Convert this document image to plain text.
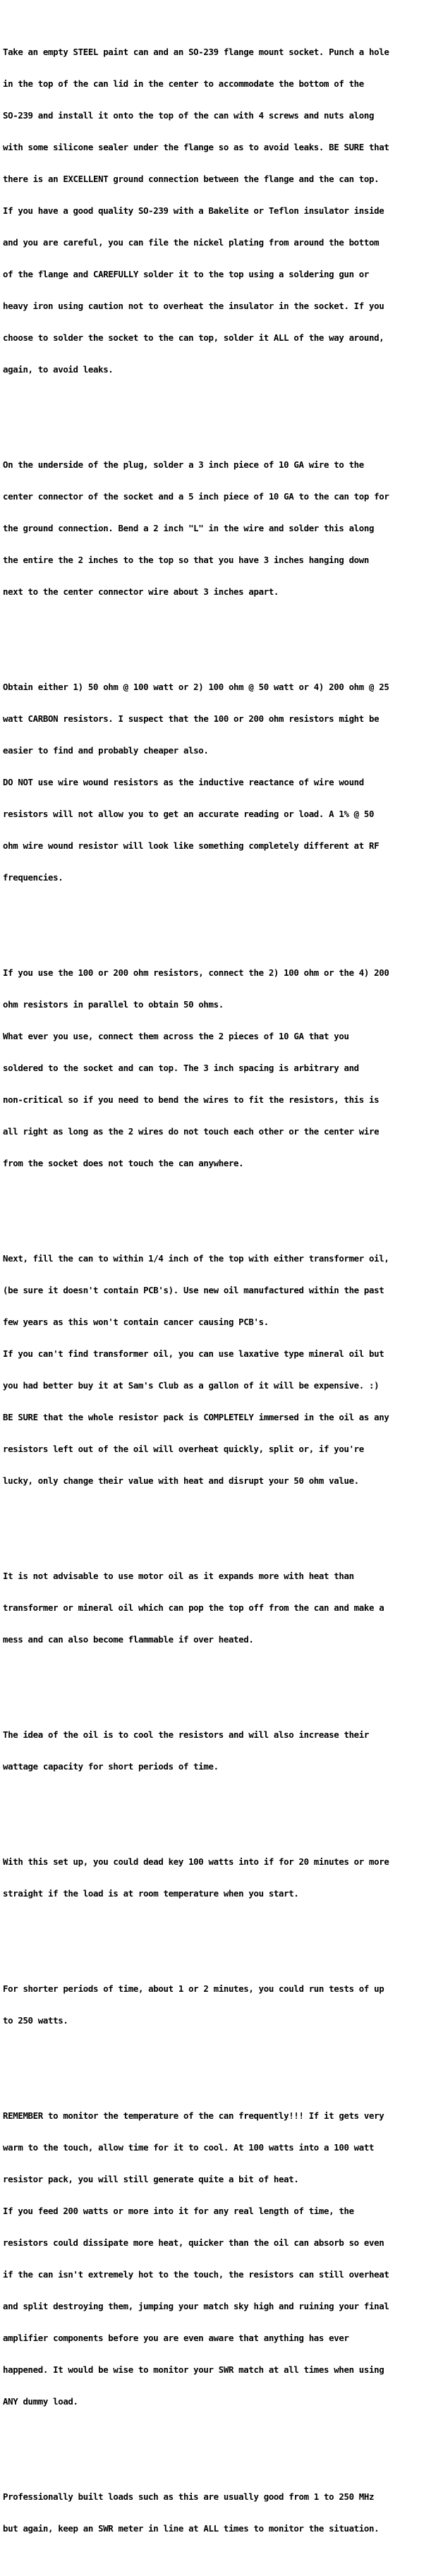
Take an empty STEEL paint can and an SO-239 flange mount socket. Punch a hole

in the top of the can lid in the center to accommodate the bottom of the

SO-239 and install it onto the top of the can with 4 screws and nuts along

with some silicone sealer under the flange so as to avoid leaks. BE SURE that

there is an EXCELLENT ground connection between the flange and the can top.

If you have a good quality SO-239 with a Bakelite or Teflon insulator inside

and you are careful, you can file the nickel plating from around the bottom

of the flange and CAREFULLY solder it to the top using a soldering gun or

heavy iron using caution not to overheat the insulator in the socket. If you

choose to solder the socket to the can top, solder it ALL of the way around,

again, to avoid leaks.

On the underside of the plug, solder a 3 inch piece of 10 GA wire to the

center connector of the socket and a 5 inch piece of 10 GA to the can top for

the ground connection. Bend a 2 inch "L" in the wire and solder this along

the entire the 2 inches to the top so that you have 3 inches hanging down

next to the center connector wire about 3 inches apart.

Obtain either 1) 50 ohm @ 100 watt or 2) 100 ohm @ 50 watt or 4) 200 ohm @ 25

watt CARBON resistors. I suspect that the 100 or 200 ohm resistors might be

easier to find and probably cheaper also.

DO NOT use wire wound resistors as the inductive reactance of wire wound

resistors will not allow you to get an accurate reading or load. A 1% @ 50

ohm wire wound resistor will look like something completely different at RF

frequencies.

If you use the 100 or 200 ohm resistors, connect the 2) 100 ohm or the 4) 200

ohm resistors in parallel to obtain 50 ohms.

What ever you use, connect them across the 2 pieces of 10 GA that you

soldered to the socket and can top. The 3 inch spacing is arbitrary and

non-critical so if you need to bend the wires to fit the resistors, this is

all right as long as the 2 wires do not touch each other or the center wire

from the socket does not touch the can anywhere.

Next, fill the can to within 1/4 inch of the top with either transformer oil,

(be sure it doesn't contain PCB's). Use new oil manufactured within the past

few years as this won't contain cancer causing PCB's.

If you can't find transformer oil, you can use laxative type mineral oil but

you had better buy it at Sam's Club as a gallon of it will be expensive. :)

BE SURE that the whole resistor pack is COMPLETELY immersed in the oil as any

resistors left out of the oil will overheat quickly, split or, if you're

lucky, only change their value with heat and disrupt your 50 ohm value.

It is not advisable to use motor oil as it expands more with heat than

transformer or mineral oil which can pop the top off from the can and make a

mess and can also become flammable if over heated.

The idea of the oil is to cool the resistors and will also increase their

wattage capacity for short periods of time.

With this set up, you could dead key 100 watts into if for 20 minutes or more

straight if the load is at room temperature when you start.

For shorter periods of time, about 1 or 2 minutes, you could run tests of up

to 250 watts.

REMEMBER to monitor the temperature of the can frequently!!! If it gets very

warm to the touch, allow time for it to cool. At 100 watts into a 100 watt

resistor pack, you will still generate quite a bit of heat.

If you feed 200 watts or more into it for any real length of time, the

resistors could dissipate more heat, quicker than the oil can absorb so even

if the can isn't extremely hot to the touch, the resistors can still overheat

and split destroying them, jumping your match sky high and ruining your final

amplifier components before you are even aware that anything has ever

happened. It would be wise to monitor your SWR match at all times when using

ANY dummy load.

Professionally built loads such as this are usually good from 1 to 250 MHz

but again, keep an SWR meter in line at ALL times to monitor the situation.
